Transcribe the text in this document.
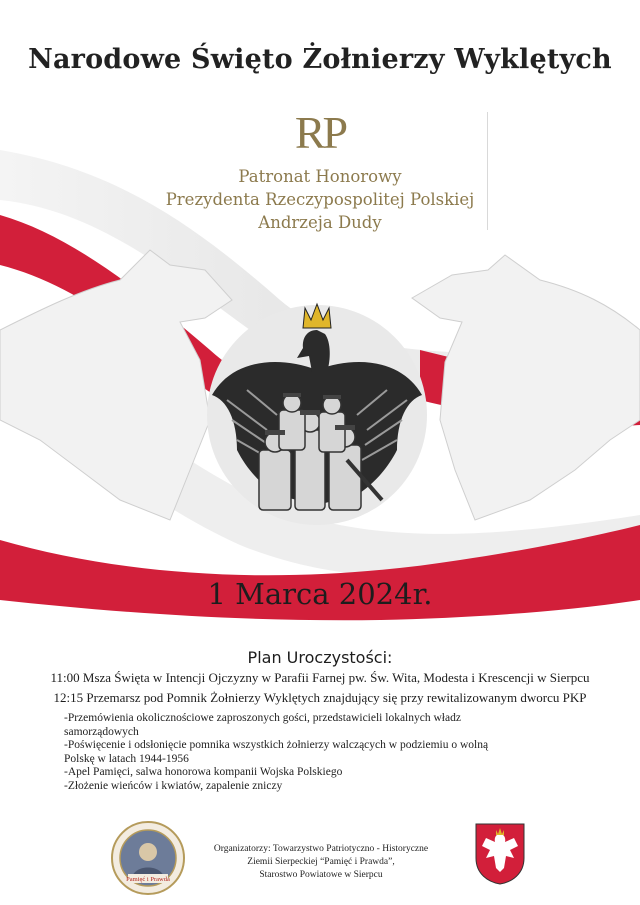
Narodowe Święto Żołnierzy Wyklętych
RP
Patronat Honorowy
Prezydenta Rzeczypospolitej Polskiej
Andrzeja Dudy
1 Marca 2024r.
Plan Uroczystości:
11:00 Msza Święta w Intencji Ojczyzny w Parafii Farnej pw. Św. Wita, Modesta i Krescencji w Sierpcu
12:15 Przemarsz pod Pomnik Żołnierzy Wyklętych znajdujący się przy rewitalizowanym dworcu PKP
-Przemówienia okolicznościowe zaproszonych gości, przedstawicieli lokalnych władz
samorządowych
-Poświęcenie i odsłonięcie pomnika wszystkich żołnierzy walczących w podziemiu o wolną
Polskę w latach 1944-1956
-Apel Pamięci, salwa honorowa kompanii Wojska Polskiego
-Złożenie wieńców i kwiatów, zapalenie zniczy
Pamięć i Prawda
Organizatorzy: Towarzystwo Patriotyczno - Historyczne
Ziemii Sierpeckiej “Pamięć i Prawda”,
Starostwo Powiatowe w Sierpcu
